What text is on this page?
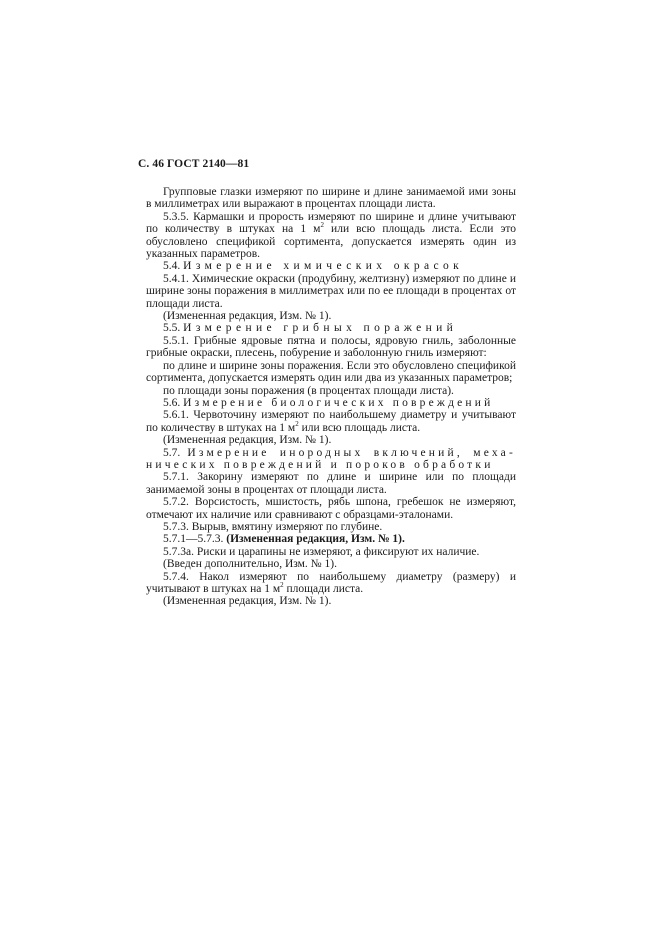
С. 46 ГОСТ 2140—81

Групповые глазки измеряют по ширине и длине занимаемой ими зоны в миллиметрах или выражают в процентах площади листа.

5.3.5. Кармашки и прорость измеряют по ширине и длине учитывают по количеству в штуках на 1 $м^2$ или всю площадь листа. Если это обусловлено спецификой сортимента, допускается измерять один из указанных параметров.

5.4. Измерение химических окрасок

5.4.1. Химические окраски (продубину, желтизну) измеряют по длине и ширине зоны поражения в миллиметрах или по ее площади в процентах от площади листа.

(Измененная редакция, Изм. № 1).

5.5. Измерение грибных поражений

5.5.1. Грибные ядровые пятна и полосы, ядровую гниль, заболонные грибные окраски, плесень, побурение и заболонную гниль измеряют:

по длине и ширине зоны поражения. Если это обусловлено спецификой сортимента, допускается измерять один или два из указанных параметров;

по площади зоны поражения (в процентах площади листа).

5.6. Измерение биологических повреждений

5.6.1. Червоточину измеряют по наибольшему диаметру и учитывают по количеству в штуках на 1 $м^2$ или всю площадь листа.

(Измененная редакция, Изм. № 1).

5.7. Измерение инородных включений, меха-

нических повреждений и пороков обработки

5.7.1. Закорину измеряют по длине и ширине или по площади занимаемой зоны в процентах от площади листа.

5.7.2. Ворсистость, мшистость, рябь шпона, гребешок не измеряют, отмечают их наличие или сравнивают с образцами-эталонами.

5.7.3. Вырыв, вмятину измеряют по глубине.

5.7.1—5.7.3. (Измененная редакция, Изм. № 1).

5.7.3а. Риски и царапины не измеряют, а фиксируют их наличие.

(Введен дополнительно, Изм. № 1).

5.7.4. Накол измеряют по наибольшему диаметру (размеру) и учитывают в штуках на 1 $м^2$ площади листа.

(Измененная редакция, Изм. № 1).
